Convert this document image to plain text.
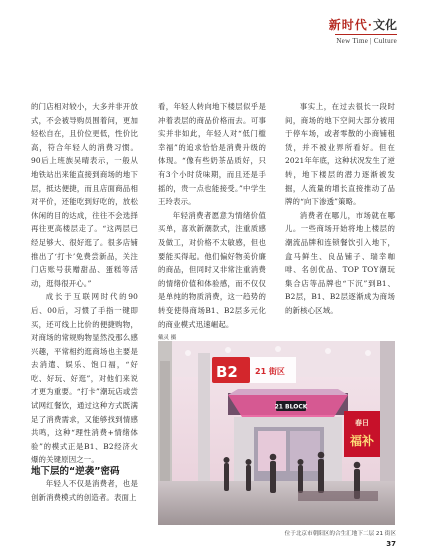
新时代·文化
New Time | Culture

的门店相对较小，大多并非开放式，不会被导购员围着问，更加轻松自在，且价位更低，性价比高，符合年轻人的消费习惯。90后上班族吴晴表示，一般从地铁站出来能直接到商场的地下层，抵达便捷，而且店面商品相对平价，还能吃到好吃的，放松休闲的目的达成，往往不会选择再往更高楼层走了。“这两层已经足够大、很好逛了。很多店铺推出了‘打卡’免费尝新品，关注门店账号获赠甜品、蛋糕等活动，逛得很开心。”

成长于互联网时代的90后、00后，习惯了手指一键即买，还可线上比价的便捷购物，对商场的常规购物显然没那么感兴趣，平常相约逛商场也主要是去消遣、娱乐、饱口福，“好吃、好玩、好逛”，对他们来说才更为重要。“打卡”潮玩店或尝试网红餐饮，通过这种方式既满足了消费需求，又能够找到情感共鸣，这种“理性消费+情绪体验”的模式正是B1、B2经济火爆的关键原因之一。

地下层的“逆袭”密码

年轻人不仅是消费者，也是创新消费模式的创造者。表面上

看，年轻人转向地下楼层似乎是冲着表层的商品价格而去。可事实并非如此，年轻人对“低门槛幸福”的追求恰恰是消费升级的体现。“像有些奶茶品质好，只有3个小时货味期，而且还是手摇的，贵一点也能接受。”中学生王玲表示。

年轻消费者愿意为情绪价值买单，喜欢新潮款式，注重质感及做工，对价格不太敏感，但也要能买得起。他们偏好物美价廉的商品，但同时又非常注重消费的情绪价值和体验感，而不仅仅是单纯的物质消费，这一趋势的转变使得商场B1、B2层多元化的商业模式迅速崛起。

事实上，在过去很长一段时间，商场的地下空间大部分被用于停车场，或者零散的小商铺租赁，并不被业界所看好。但在2021年年底，这种状况发生了逆转，地下楼层的潜力逐渐被发掘，人流量的增长直接推动了品牌的“向下渗透”策略。

消费者在哪儿，市场就在哪儿。一些商场开始将地上楼层的潮流品牌和连锁餐饮引入地下，盒马鲜生、良品铺子、瑞幸咖啡、名创优品、TOP TOY潮玩集合店等品牌也“下沉”到B1、B2层，B1、B2层逐渐成为商场的新核心区域。

戴灵 摄
21 BLOCK
B2 21 街区
春日
福补
位于北京市朝阳区的合生汇地下二层 21 街区
37
